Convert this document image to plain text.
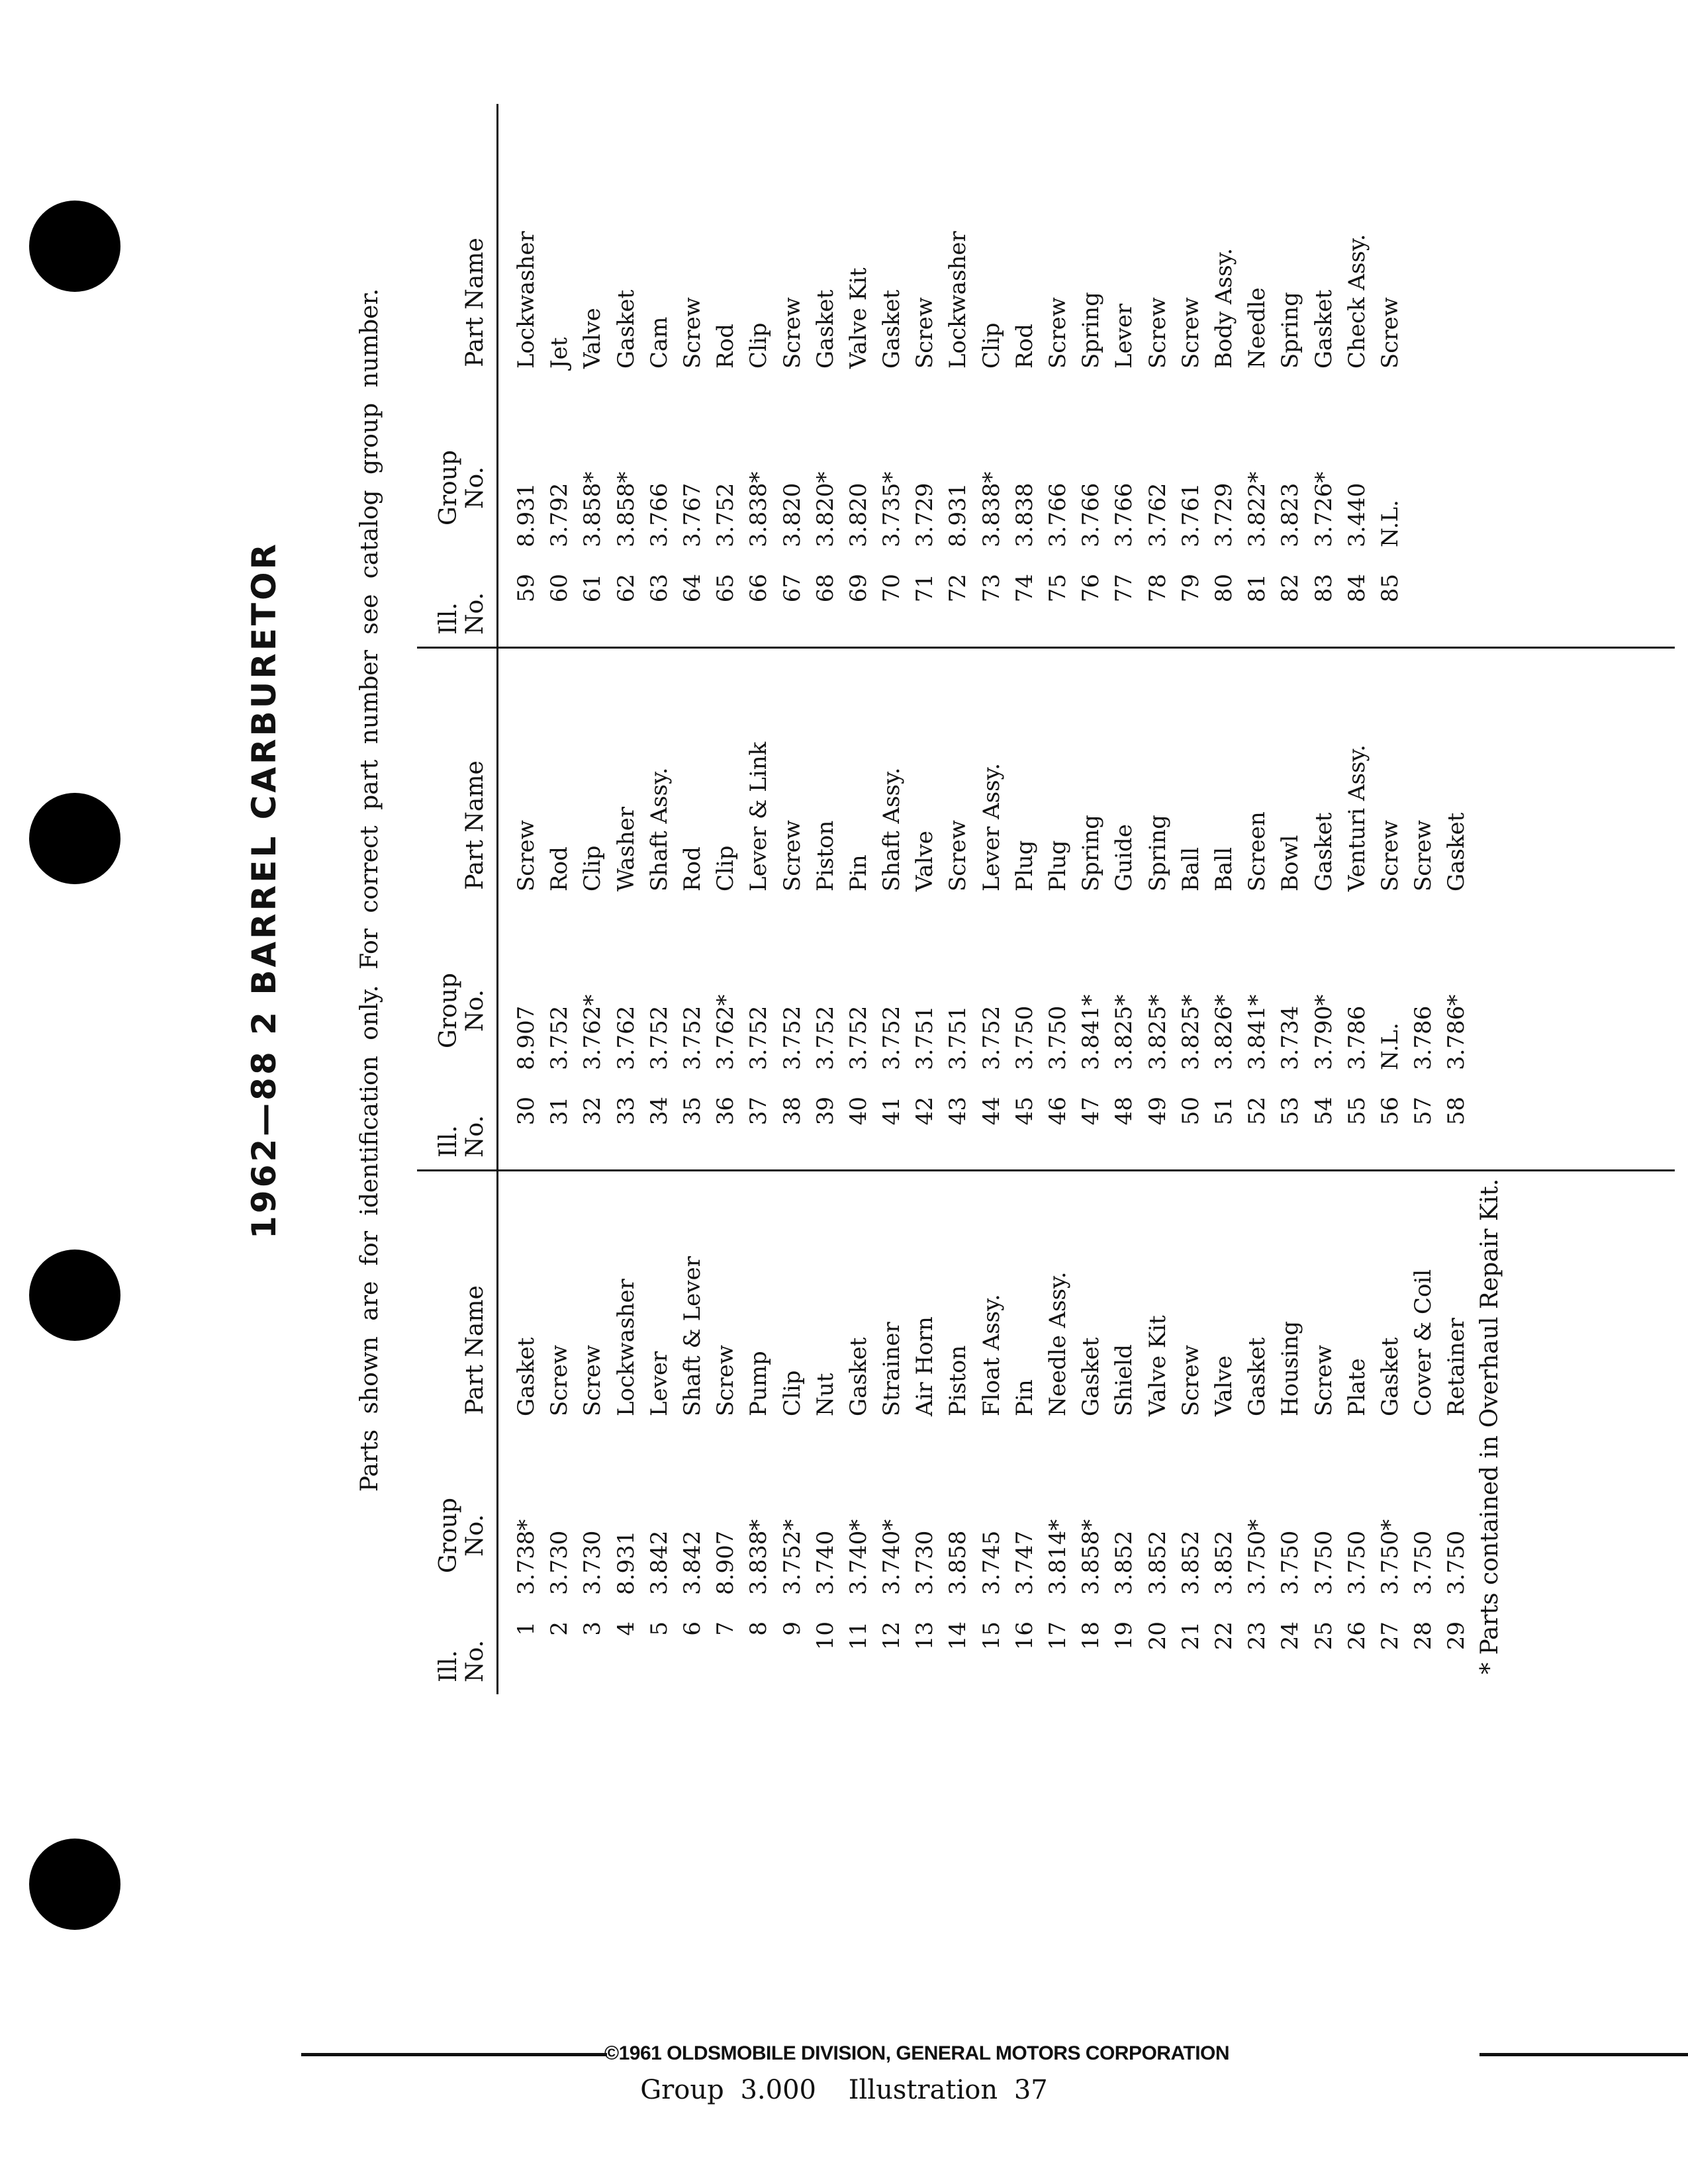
1962—88 2 BARREL CARBURETOR	Parts shown are for identification only. For correct part number see catalog group number.
Ill.
No.
Group
No.
Part Name
1
3.738*
Gasket
2
3.730
Screw
3
3.730
Screw
4
8.931
Lockwasher
5
3.842
Lever
6
3.842
Shaft & Lever
7
8.907
Screw
8
3.838*
Pump
9
3.752*
Clip
10
3.740
Nut
11
3.740*
Gasket
12
3.740*
Strainer
13
3.730
Air Horn
14
3.858
Piston
15
3.745
Float Assy.
16
3.747
Pin
17
3.814*
Needle Assy.
18
3.858*
Gasket
19
3.852
Shield
20
3.852
Valve Kit
21
3.852
Screw
22
3.852
Valve
23
3.750*
Gasket
24
3.750
Housing
25
3.750
Screw
26
3.750
Plate
27
3.750*
Gasket
28
3.750
Cover & Coil
29
3.750
Retainer
Ill.
No.
Group
No.
Part Name
30
8.907
Screw
31
3.752
Rod
32
3.762*
Clip
33
3.762
Washer
34
3.752
Shaft Assy.
35
3.752
Rod
36
3.762*
Clip
37
3.752
Lever & Link
38
3.752
Screw
39
3.752
Piston
40
3.752
Pin
41
3.752
Shaft Assy.
42
3.751
Valve
43
3.751
Screw
44
3.752
Lever Assy.
45
3.750
Plug
46
3.750
Plug
47
3.841*
Spring
48
3.825*
Guide
49
3.825*
Spring
50
3.825*
Ball
51
3.826*
Ball
52
3.841*
Screen
53
3.734
Bowl
54
3.790*
Gasket
55
3.786
Venturi Assy.
56
N.L.
Screw
57
3.786
Screw
58
3.786*
Gasket
Ill.
No.
Group
No.
Part Name
59
8.931
Lockwasher
60
3.792
Jet
61
3.858*
Valve
62
3.858*
Gasket
63
3.766
Cam
64
3.767
Screw
65
3.752
Rod
66
3.838*
Clip
67
3.820
Screw
68
3.820*
Gasket
69
3.820
Valve Kit
70
3.735*
Gasket
71
3.729
Screw
72
8.931
Lockwasher
73
3.838*
Clip
74
3.838
Rod
75
3.766
Screw
76
3.766
Spring
77
3.766
Lever
78
3.762
Screw
79
3.761
Screw
80
3.729
Body Assy.
81
3.822*
Needle
82
3.823
Spring
83
3.726*
Gasket
84
3.440
Check Assy.
85
N.L.
Screw
* Parts contained in Overhaul Repair Kit.
©1961 OLDSMOBILE DIVISION, GENERAL MOTORS CORPORATION
Group 3.000 Illustration 37
